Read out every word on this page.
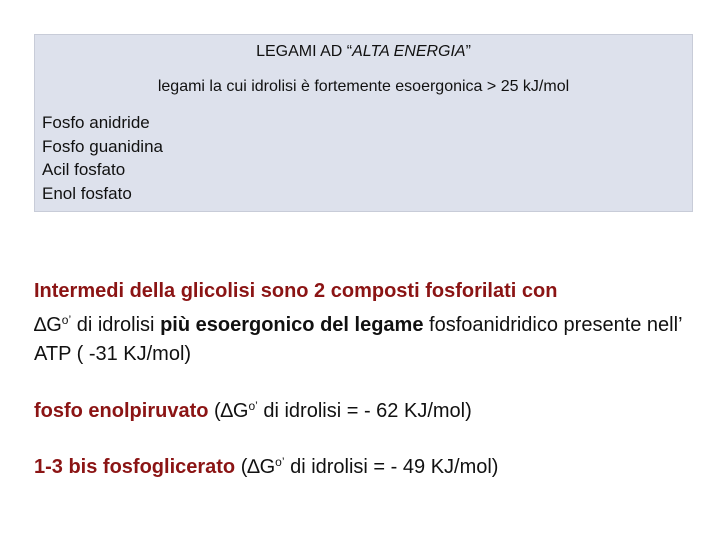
LEGAMI AD “ALTA ENERGIA”
legami la cui idrolisi è fortemente esoergonica > 25 kJ/mol
Fosfo anidride
Fosfo guanidina
Acil fosfato
Enol fosfato
Intermedi della glicolisi sono 2 composti fosforilati con
$\Delta G^{o’}$ di idrolisi più esoergonico del legame fosfoanidridico presente nell’ ATP ( -31 KJ/mol)
fosfo enolpiruvato ($\Delta G^{o’}$ di idrolisi = - 62 KJ/mol)
1-3 bis fosfoglicerato ($\Delta G^{o’}$ di idrolisi = - 49 KJ/mol)
